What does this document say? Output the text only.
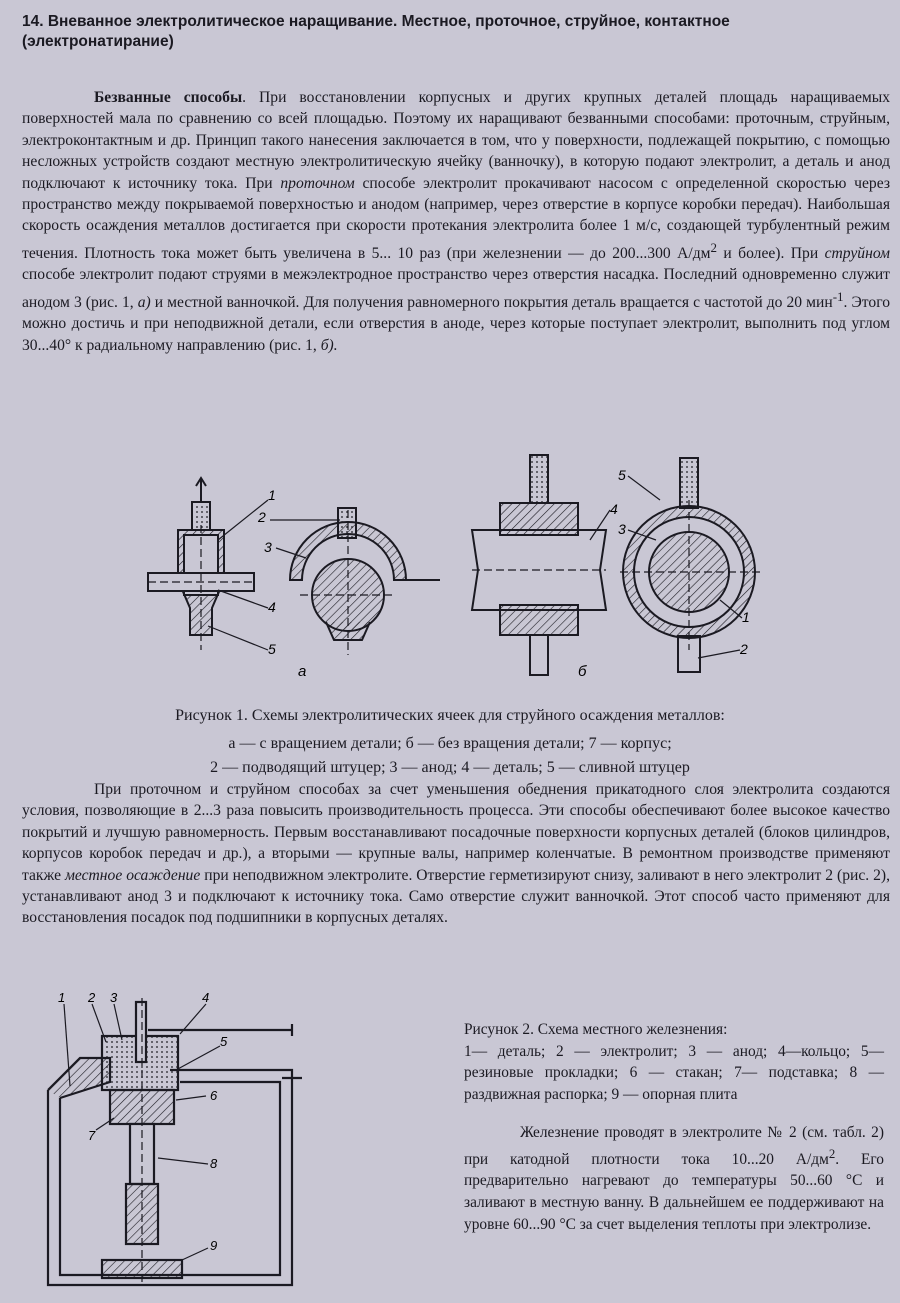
14. Вневанное электролитическое наращивание. Местное, проточное, струйное, контактное (электронатирание)

Безванные способы. При восстановлении корпусных и других крупных деталей площадь наращиваемых поверхностей мала по сравнению со всей площадью. Поэтому их наращивают безванными способами: проточным, струйным, электроконтактным и др. Принцип такого нанесения заключается в том, что у поверхности, подлежащей покрытию, с помощью несложных устройств создают местную электролитическую ячейку (ванночку), в которую подают электролит, а деталь и анод подключают к источнику тока. При проточном способе электролит прокачивают насосом с определенной скоростью через пространство между покрываемой поверхностью и анодом (например, через отверстие в корпусе коробки передач). Наибольшая скорость осаждения металлов достигается при скорости протекания электролита более 1 м/с, создающей турбулентный режим течения. Плотность тока может быть увеличена в 5... 10 раз (при железнении — до 200...300 $А/дм^2$ и более). При струйном способе электролит подают струями в межэлектродное пространство через отверстия насадка. Последний одновременно служит анодом 3 (рис. 1, а) и местной ванночкой. Для получения равномерного покрытия деталь вращается с частотой до 20 мин$^{-1}$. Этого можно достичь и при неподвижной детали, если отверстия в аноде, через которые поступает электролит, выполнить под углом 30...40° к радиальному направлению (рис. 1, б).

1
2
3
4
5
а	б
5
4
3
1
2

Рисунок 1. Схемы электролитических ячеек для струйного осаждения металлов:

а — с вращением детали; б — без вращения детали; 7 — корпус;

2 — подводящий штуцер; 3 — анод; 4 — деталь; 5 — сливной штуцер

При проточном и струйном способах за счет уменьшения обеднения прикатодного слоя электролита создаются условия, позволяющие в 2...3 раза повысить производительность процесса. Эти способы обеспечивают более высокое качество покрытий и лучшую равномерность. Первым восстанавливают посадочные поверхности корпусных деталей (блоков цилиндров, корпусов коробок передач и др.), а вторыми — крупные валы, например коленчатые. В ремонтном производстве применяют также местное осаждение при неподвижном электролите. Отверстие герметизируют снизу, заливают в него электролит 2 (рис. 2), устанавливают анод 3 и подключают к источнику тока. Само отверстие служит ванночкой. Этот способ часто применяют для восстановления посадок под подшипники в корпусных деталях.

1 2 3	4
5
6
7
8
9

Рисунок 2. Схема местного железнения:
1— деталь; 2 — электролит; 3 — анод; 4—кольцо; 5— резиновые прокладки; 6 — стакан; 7— подставка; 8 — раздвижная распорка; 9 — опорная плита

Железнение проводят в электролите № 2 (см. табл. 2) при катодной плотности тока 10...20 $А/дм^2$. Его предварительно нагревают до температуры 50...60 °С и заливают в местную ванну. В дальнейшем ее поддерживают на уровне 60...90 °С за счет выделения теплоты при электролизе.
